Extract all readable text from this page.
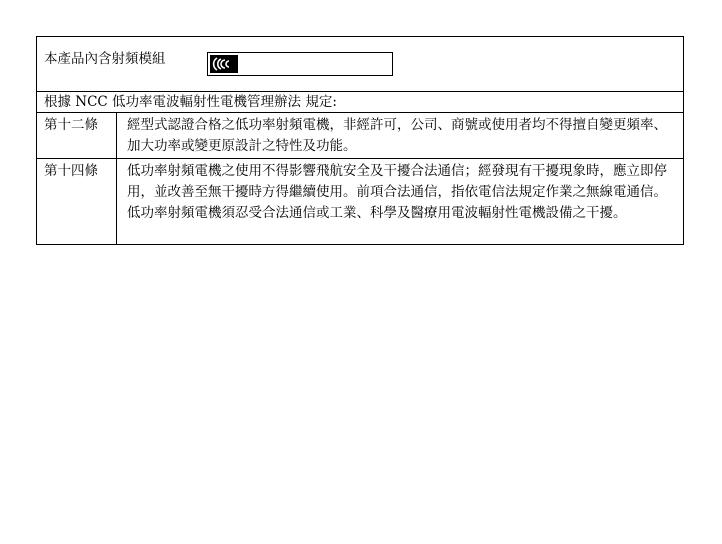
本產品內含射頻模組
根據 NCC 低功率電波輻射性電機管理辦法 規定:
第十二條	經型式認證合格之低功率射頻電機，非經許可，公司、商號或使用者均不得擅自變更頻率、加大功率或變更原設計之特性及功能。

第十四條	低功率射頻電機之使用不得影響飛航安全及干擾合法通信；經發現有干擾現象時，應立即停用，並改善至無干擾時方得繼續使用。前項合法通信，指依電信法規定作業之無線電通信。

低功率射頻電機須忍受合法通信或工業、科學及醫療用電波輻射性電機設備之干擾。
